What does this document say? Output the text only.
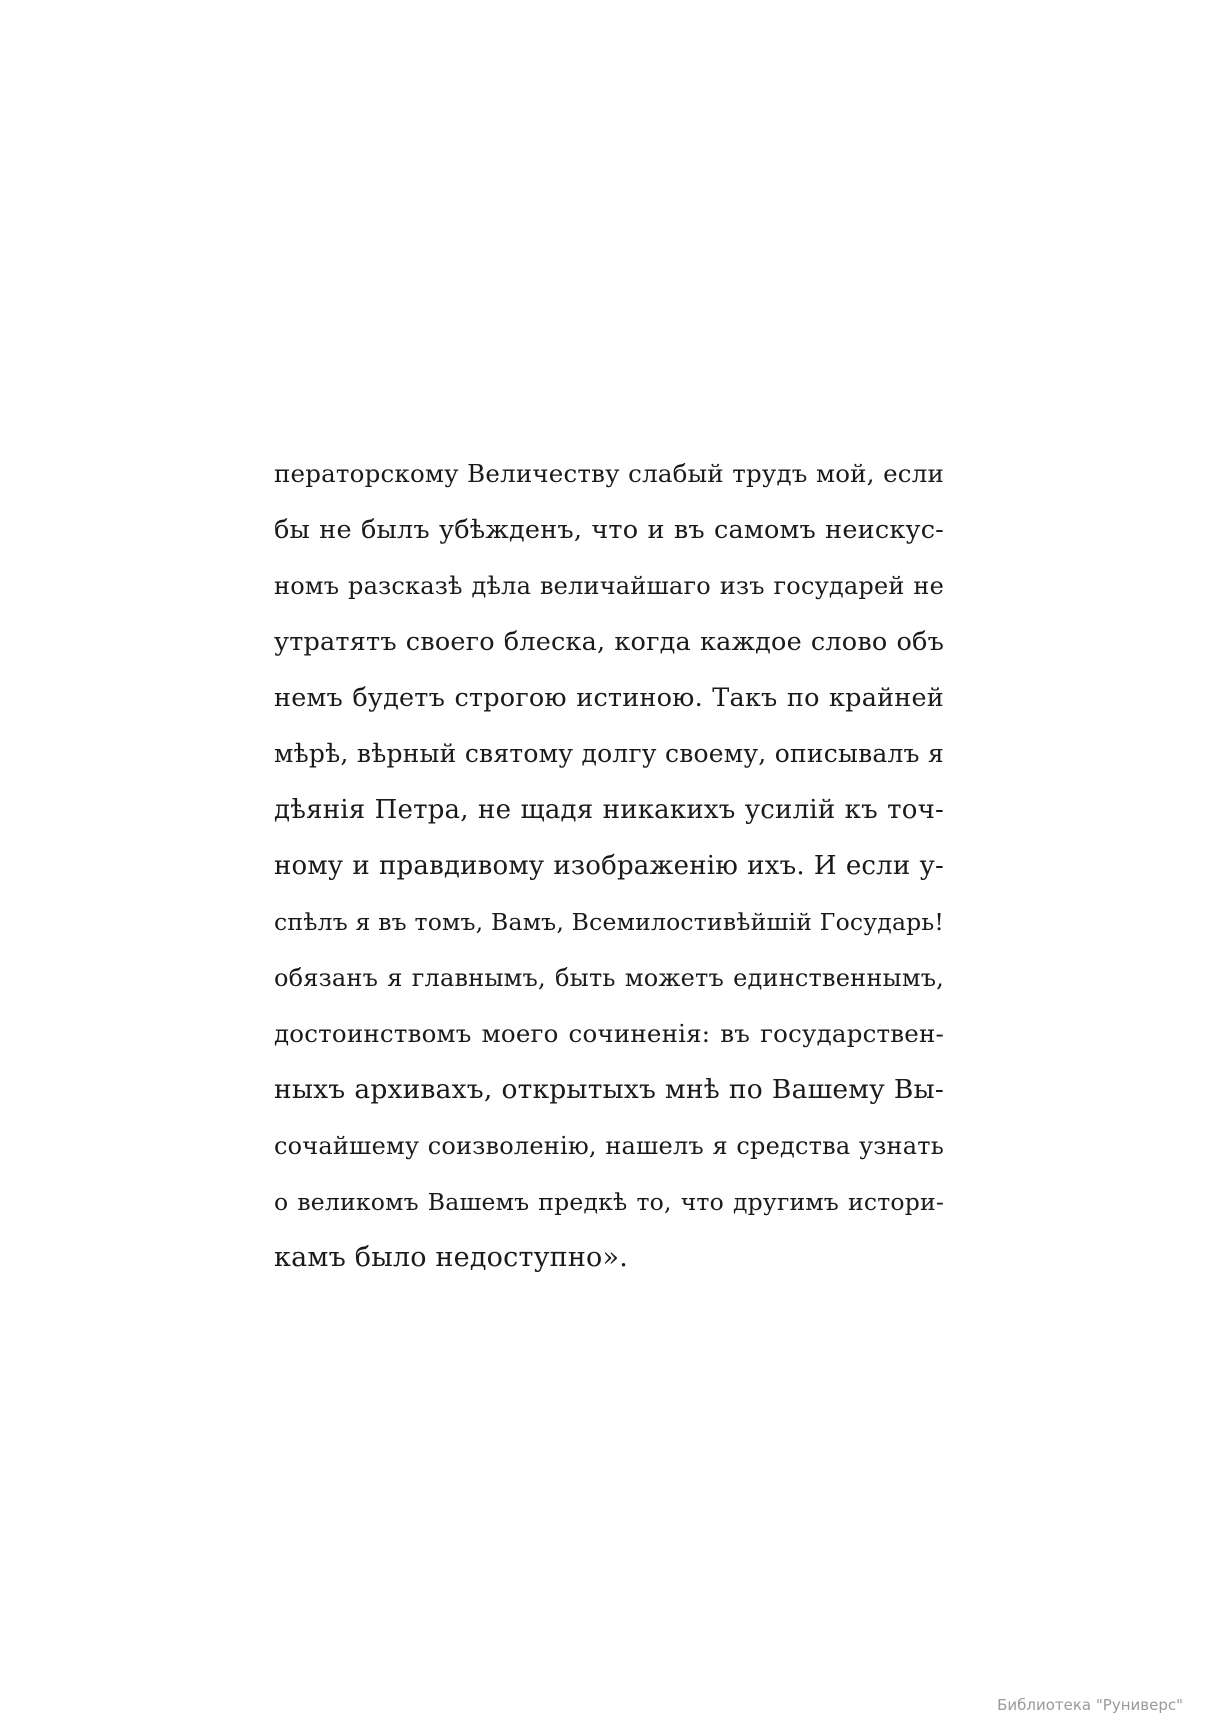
ператорскому Величеству слабый трудъ мой, если
бы не былъ убѣжденъ, что и въ самомъ неискус-
номъ разсказѣ дѣла величайшаго изъ государей не
утратятъ своего блеска, когда каждое слово объ
немъ будетъ строгою истиною. Такъ по крайней
мѣрѣ, вѣрный святому долгу своему, описывалъ я
дѣянія Петра, не щадя никакихъ усилій къ точ-
ному и правдивому изображенію ихъ. И если у-
спѣлъ я въ томъ, Вамъ, Всемилостивѣйшій Государь!
обязанъ я главнымъ, быть можетъ единственнымъ,
достоинствомъ моего сочиненія: въ государствен-
ныхъ архивахъ, открытыхъ мнѣ по Вашему Вы-
сочайшему соизволенію, нашелъ я средства узнать
о великомъ Вашемъ предкѣ то, что другимъ истори-
камъ было недоступно».
Библиотека "Руниверс"
